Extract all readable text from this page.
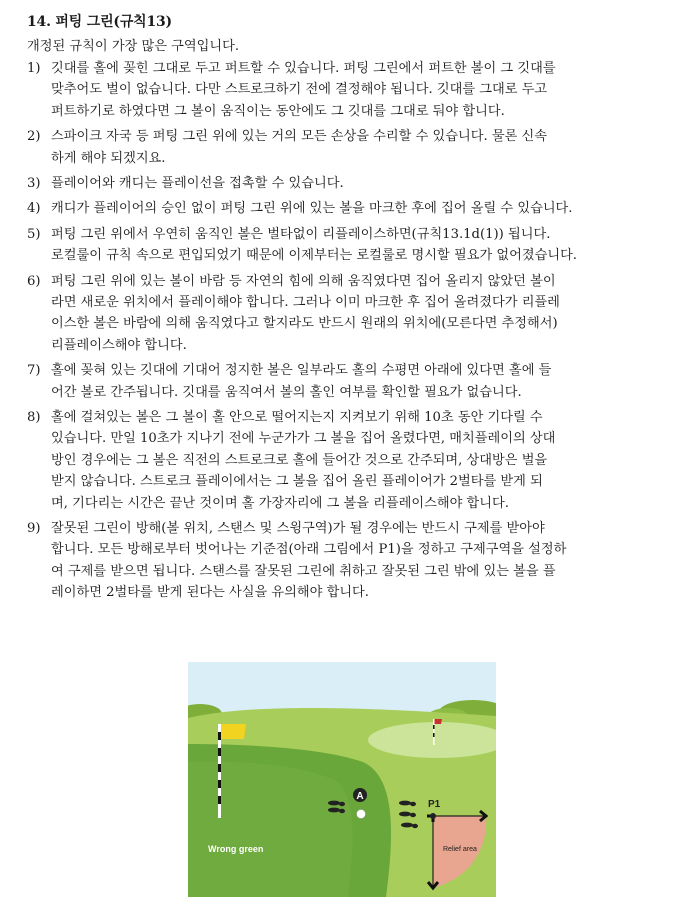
14. 퍼팅 그린(규칙13)
개정된 규칙이 가장 많은 구역입니다.
1) 깃대를 홀에 꽂힌 그대로 두고 퍼트할 수 있습니다. 퍼팅 그린에서 퍼트한 볼이 그 깃대를
맞추어도 벌이 없습니다. 다만 스트로크하기 전에 결정해야 됩니다. 깃대를 그대로 두고
퍼트하기로 하였다면 그 볼이 움직이는 동안에도 그 깃대를 그대로 둬야 합니다.
2) 스파이크 자국 등 퍼팅 그린 위에 있는 거의 모든 손상을 수리할 수 있습니다. 물론 신속
하게 해야 되겠지요.
3) 플레이어와 캐디는 플레이선을 접촉할 수 있습니다.
4) 캐디가 플레이어의 승인 없이 퍼팅 그린 위에 있는 볼을 마크한 후에 집어 올릴 수 있습니다.
5) 퍼팅 그린 위에서 우연히 움직인 볼은 벌타없이 리플레이스하면(규칙13.1d(1)) 됩니다.
로컬룰이 규칙 속으로 편입되었기 때문에 이제부터는 로컬룰로 명시할 필요가 없어졌습니다.
6) 퍼팅 그린 위에 있는 볼이 바람 등 자연의 힘에 의해 움직였다면 집어 올리지 않았던 볼이
라면 새로운 위치에서 플레이해야 합니다. 그러나 이미 마크한 후 집어 올려졌다가 리플레
이스한 볼은 바람에 의해 움직였다고 할지라도 반드시 원래의 위치에(모른다면 추정해서)
리플레이스해야 합니다.
7) 홀에 꽂혀 있는 깃대에 기대어 정지한 볼은 일부라도 홀의 수평면 아래에 있다면 홀에 들
어간 볼로 간주됩니다. 깃대를 움직여서 볼의 홀인 여부를 확인할 필요가 없습니다.
8) 홀에 걸쳐있는 볼은 그 볼이 홀 안으로 떨어지는지 지켜보기 위해 10초 동안 기다릴 수
있습니다. 만일 10초가 지나기 전에 누군가가 그 볼을 집어 올렸다면, 매치플레이의 상대
방인 경우에는 그 볼은 직전의 스트로크로 홀에 들어간 것으로 간주되며, 상대방은 벌을
받지 않습니다. 스트로크 플레이에서는 그 볼을 집어 올린 플레이어가 2벌타를 받게 되
며, 기다리는 시간은 끝난 것이며 홀 가장자리에 그 볼을 리플레이스해야 합니다.
9) 잘못된 그린이 방해(볼 위치, 스탠스 및 스윙구역)가 될 경우에는 반드시 구제를 받아야
합니다. 모든 방해로부터 벗어나는 기준점(아래 그림에서 P1)을 정하고 구제구역을 설정하
여 구제를 받으면 됩니다. 스탠스를 잘못된 그린에 취하고 잘못된 그린 밖에 있는 볼을 플
레이하면 2벌타를 받게 된다는 사실을 유의해야 합니다.
A
P1
Relief area
Wrong green
